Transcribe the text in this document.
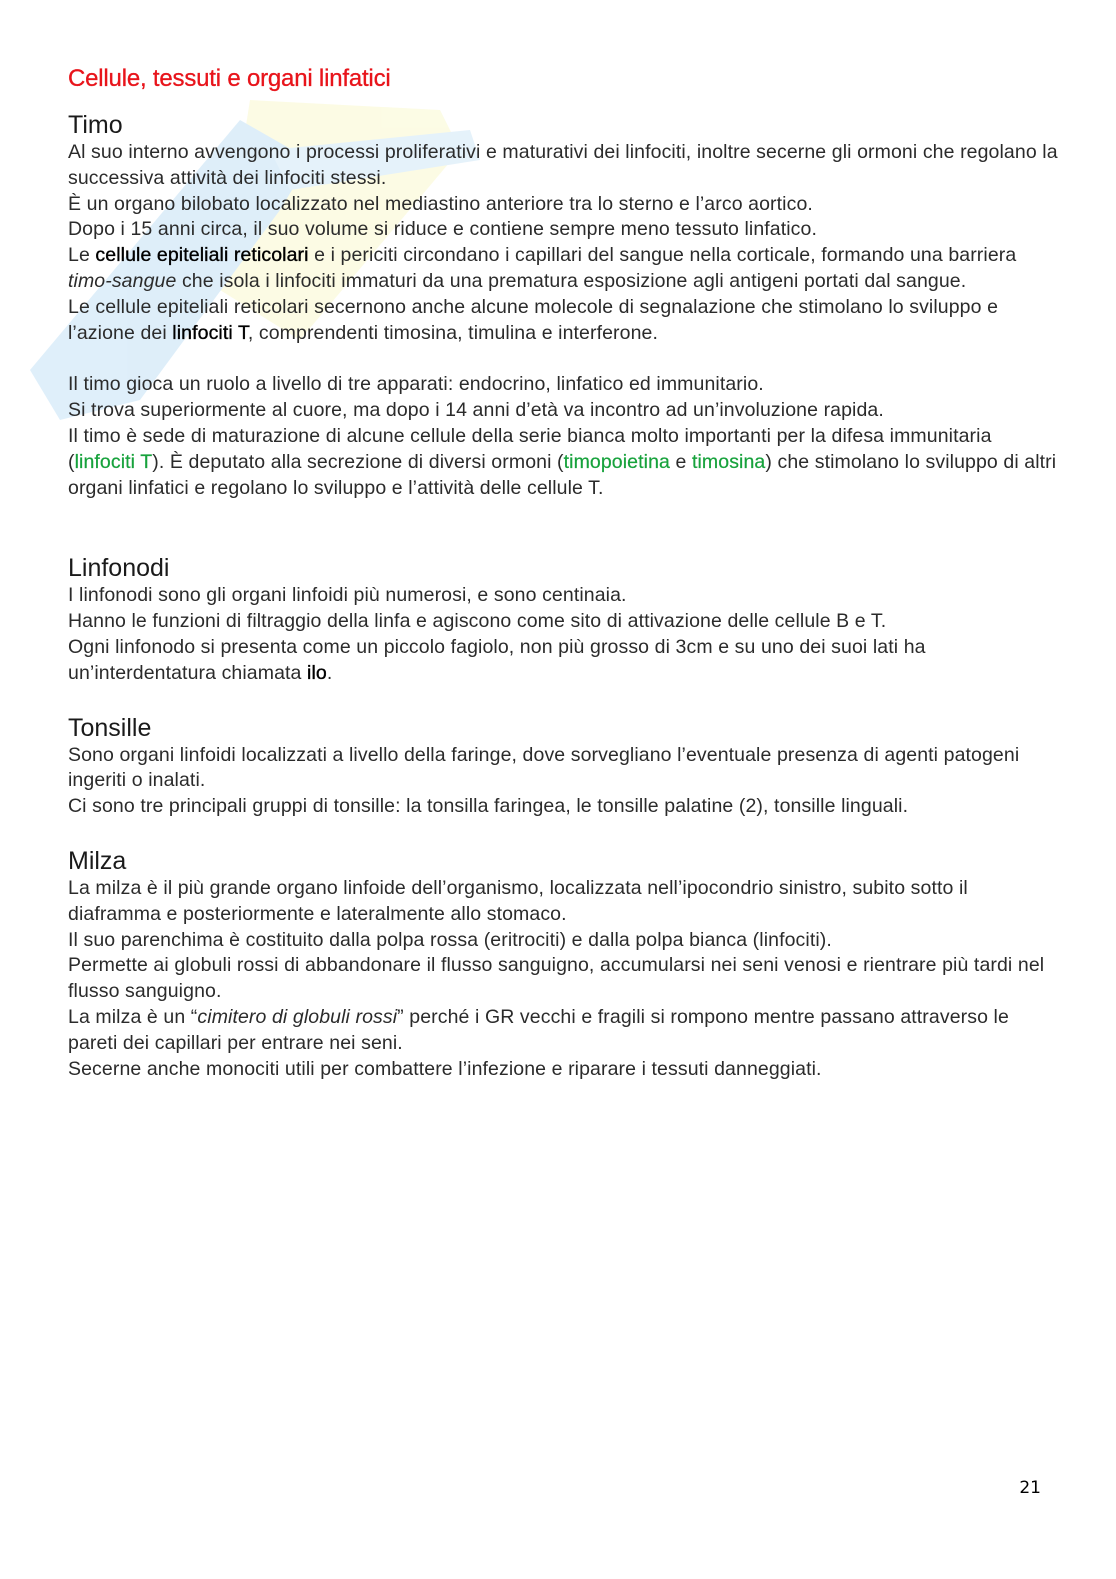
Cellule, tessuti e organi linfatici
Timo

Al suo interno avvengono i processi proliferativi e maturativi dei linfociti, inoltre secerne gli ormoni che regolano la successiva attività dei linfociti stessi.

È un organo bilobato localizzato nel mediastino anteriore tra lo sterno e l’arco aortico.

Dopo i 15 anni circa, il suo volume si riduce e contiene sempre meno tessuto linfatico.

Le cellule epiteliali reticolari e i periciti circondano i capillari del sangue nella corticale, formando una barriera timo-sangue che isola i linfociti immaturi da una prematura esposizione agli antigeni portati dal sangue.

Le cellule epiteliali reticolari secernono anche alcune molecole di segnalazione che stimolano lo sviluppo e l’azione dei linfociti T, comprendenti timosina, timulina e interferone.

Il timo gioca un ruolo a livello di tre apparati: endocrino, linfatico ed immunitario.

Si trova superiormente al cuore, ma dopo i 14 anni d’età va incontro ad un’involuzione rapida.

Il timo è sede di maturazione di alcune cellule della serie bianca molto importanti per la difesa immunitaria (linfociti T). È deputato alla secrezione di diversi ormoni (timopoietina e timosina) che stimolano lo sviluppo di altri organi linfatici e regolano lo sviluppo e l’attività delle cellule T.

Linfonodi

I linfonodi sono gli organi linfoidi più numerosi, e sono centinaia.

Hanno le funzioni di filtraggio della linfa e agiscono come sito di attivazione delle cellule B e T.

Ogni linfonodo si presenta come un piccolo fagiolo, non più grosso di 3cm e su uno dei suoi lati ha un’interdentatura chiamata ilo.

Tonsille

Sono organi linfoidi localizzati a livello della faringe, dove sorvegliano l’eventuale presenza di agenti patogeni ingeriti o inalati.

Ci sono tre principali gruppi di tonsille: la tonsilla faringea, le tonsille palatine (2), tonsille linguali.

Milza

La milza è il più grande organo linfoide dell’organismo, localizzata nell’ipocondrio sinistro, subito sotto il diaframma e posteriormente e lateralmente allo stomaco.

Il suo parenchima è costituito dalla polpa rossa (eritrociti) e dalla polpa bianca (linfociti).

Permette ai globuli rossi di abbandonare il flusso sanguigno, accumularsi nei seni venosi e rientrare più tardi nel flusso sanguigno.

La milza è un “cimitero di globuli rossi” perché i GR vecchi e fragili si rompono mentre passano attraverso le pareti dei capillari per entrare nei seni.

Secerne anche monociti utili per combattere l’infezione e riparare i tessuti danneggiati.

21
